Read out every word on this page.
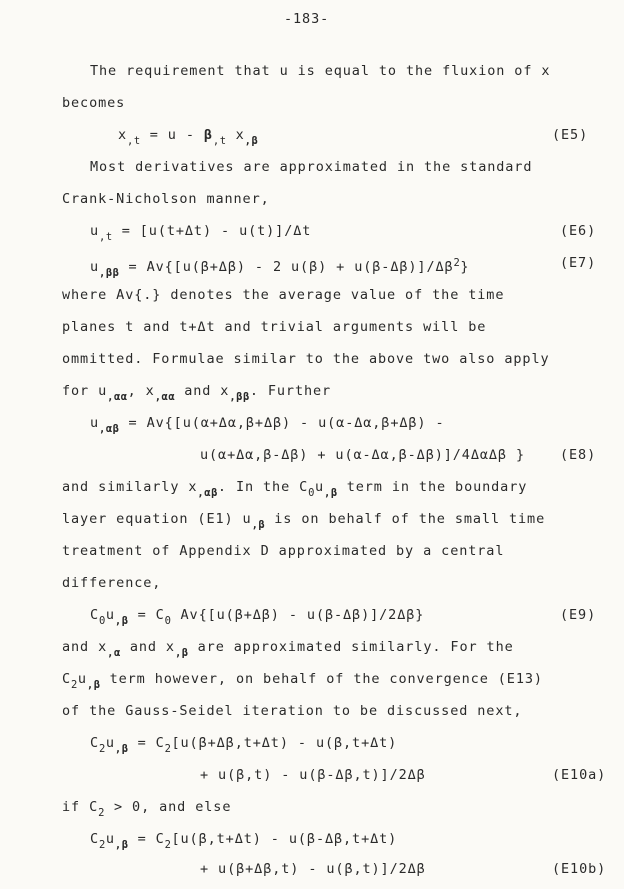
-183-
The requirement that u is equal to the fluxion of x
becomes
$x_{,t} = u - \beta_{,t}$ $x_{,\beta}$	(E5)
Most derivatives are approximated in the standard
Crank-Nicholson manner,
$u_{,t} = [u(t+\Delta t) - u(t)]/\Delta t$	(E6)
$u_{,\beta\beta} = Av\{[u(\beta+\Delta\beta) - 2$ $u(\beta) + u(\beta-\Delta\beta)]/\Delta\beta^2$}	(E7)
where Av{.} denotes the average value of the time
planes t and t+Δt and trivial arguments will be
ommitted. Formulae similar to the above two also apply
for $u_{,\alpha\alpha}$, $x_{,\alpha\alpha}$ and $x_{,\beta\beta}$. Further
$u_{,\alpha\beta} = Av\{[u(\alpha+\Delta\alpha,\beta+\Delta\beta) - u(\alpha-\Delta\alpha,\beta+\Delta\beta)$ -
u(α+Δα,β-Δβ) + u(α-Δα,β-Δβ)]/4ΔαΔβ }	(E8)
and similarly $x_{,\alpha\beta}$. In the $C_0u_{,\beta}$ term in the boundary
layer equation (E1) $u_{,\beta}$ is on behalf of the small time
treatment of Appendix D approximated by a central
difference,
$C_0u_{,\beta} = C_0$ Av{[u(β+Δβ) - u(β-Δβ)]/2Δβ}	(E9)
and $x_{,\alpha}$ and $x_{,\beta}$ are approximated similarly. For the
$C_2u_{,\beta}$ term however, on behalf of the convergence (E13)
of the Gauss-Seidel iteration to be discussed next,
$C_2u_{,\beta} = C_2[u(\beta+\Delta\beta,t+\Delta t) - u(\beta,t+\Delta t)$
+ u(β,t) - u(β-Δβ,t)]/2Δβ	(E10a)
if $C_2 > 0$, and else
$C_2u_{,\beta} = C_2[u(\beta,t+\Delta t) - u(\beta-\Delta\beta,t+\Delta t)$
+ u(β+Δβ,t) - u(β,t)]/2Δβ	(E10b)
